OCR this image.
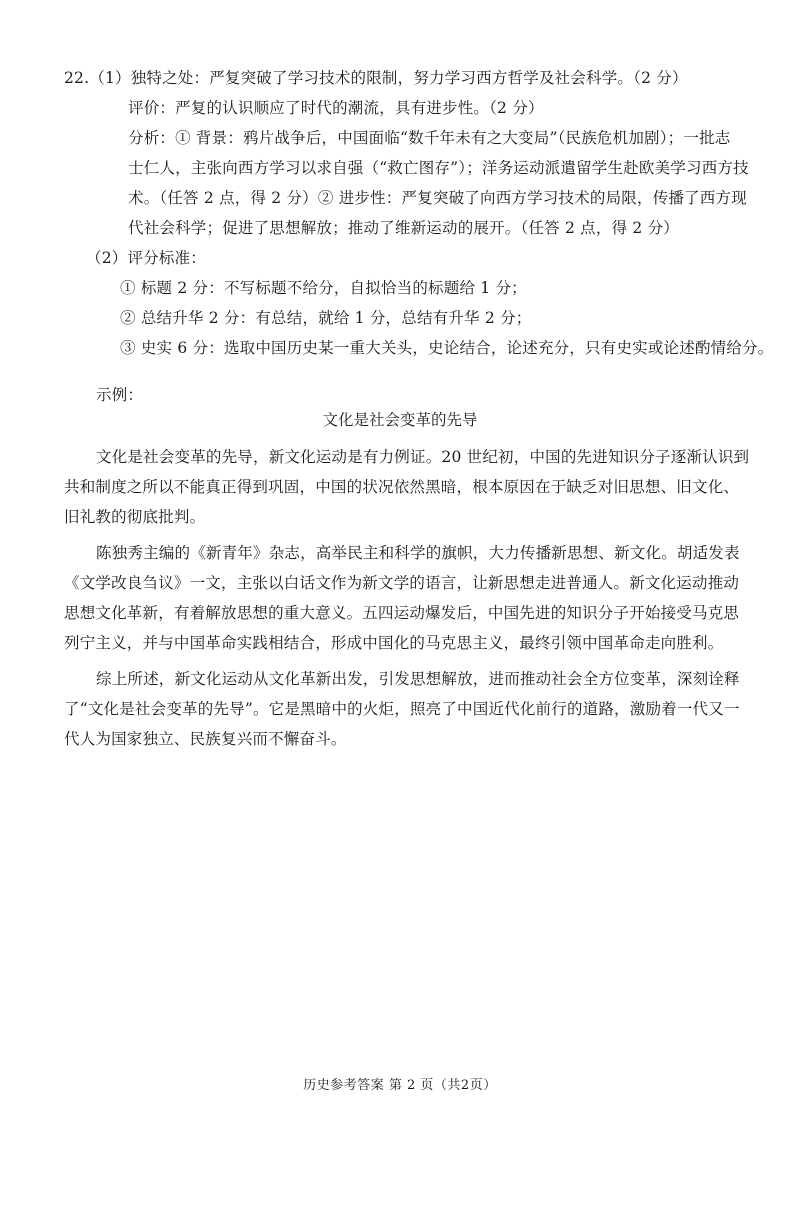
22.（1）独特之处：严复突破了学习技术的限制，努力学习西方哲学及社会科学。（2 分）
评价：严复的认识顺应了时代的潮流，具有进步性。（2 分）
分析：① 背景：鸦片战争后，中国面临“数千年未有之大变局”（民族危机加剧）；一批志
士仁人，主张向西方学习以求自强（“救亡图存”）；洋务运动派遣留学生赴欧美学习西方技
术。（任答 2 点，得 2 分）② 进步性：严复突破了向西方学习技术的局限，传播了西方现
代社会科学；促进了思想解放；推动了维新运动的展开。（任答 2 点，得 2 分）
（2）评分标准：
① 标题 2 分：不写标题不给分，自拟恰当的标题给 1 分；
② 总结升华 2 分：有总结，就给 1 分，总结有升华 2 分；
③ 史实 6 分：选取中国历史某一重大关头，史论结合，论述充分，只有史实或论述酌情给分。
示例：
文化是社会变革的先导
文化是社会变革的先导，新文化运动是有力例证。20 世纪初，中国的先进知识分子逐渐认识到
共和制度之所以不能真正得到巩固，中国的状况依然黑暗，根本原因在于缺乏对旧思想、旧文化、
旧礼教的彻底批判。
陈独秀主编的《新青年》杂志，高举民主和科学的旗帜，大力传播新思想、新文化。胡适发表
《文学改良刍议》一文，主张以白话文作为新文学的语言，让新思想走进普通人。新文化运动推动
思想文化革新，有着解放思想的重大意义。五四运动爆发后，中国先进的知识分子开始接受马克思
列宁主义，并与中国革命实践相结合，形成中国化的马克思主义，最终引领中国革命走向胜利。
综上所述，新文化运动从文化革新出发，引发思想解放，进而推动社会全方位变革，深刻诠释
了“文化是社会变革的先导”。它是黑暗中的火炬，照亮了中国近代化前行的道路，激励着一代又一
代人为国家独立、民族复兴而不懈奋斗。
历史参考答案 第 2 页（共2页）
